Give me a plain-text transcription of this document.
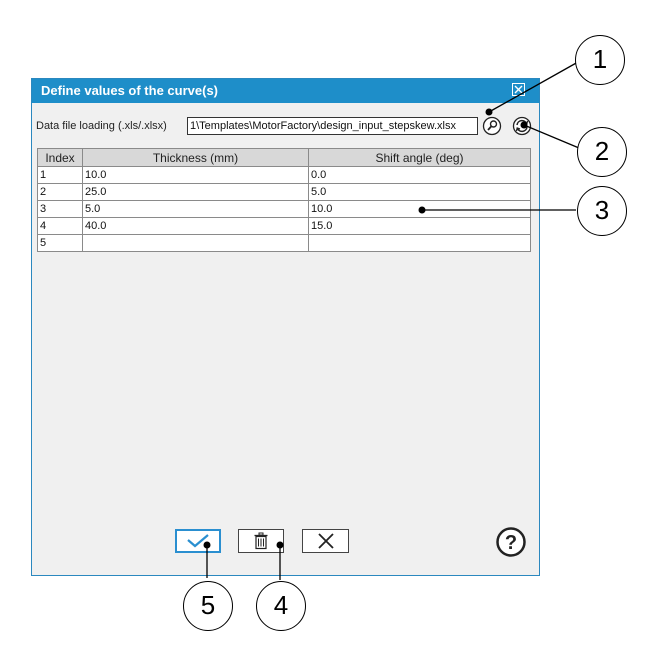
Define values of the curve(s)
Data file loading (.xls/.xlsx) 1\Templates\MotorFactory\design_input_stepskew.xlsx
Index	Thickness (mm)	Shift angle (deg)
1	10.0	0.0
2	25.0	5.0
3	5.0	10.0
4	40.0	15.0
5		
?
1
2
3
4
5
